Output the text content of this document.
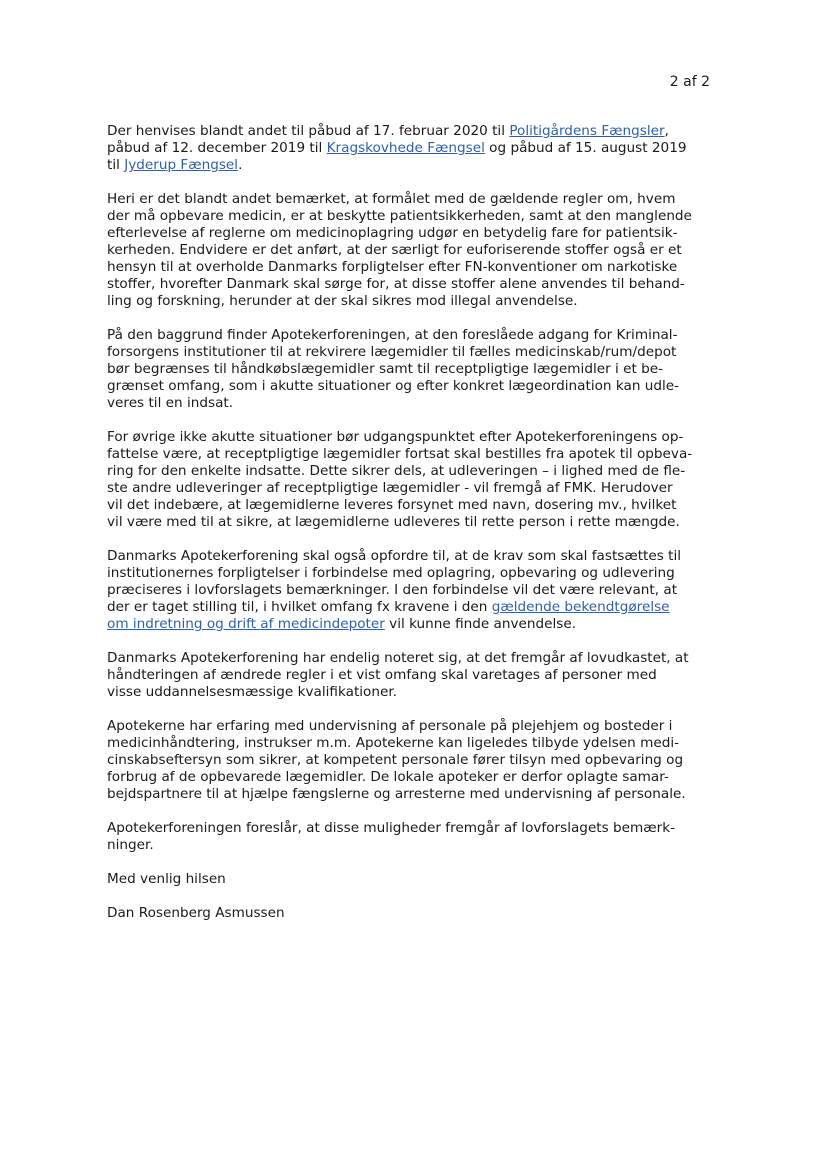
2 af 2

Der henvises blandt andet til påbud af 17. februar 2020 til Politigårdens Fængsler,
påbud af 12. december 2019 til Kragskovhede Fængsel og påbud af 15. august 2019
til Jyderup Fængsel.

Heri er det blandt andet bemærket, at formålet med de gældende regler om, hvem
der må opbevare medicin, er at beskytte patientsikkerheden, samt at den manglende
efterlevelse af reglerne om medicinoplagring udgør en betydelig fare for patientsik-
kerheden. Endvidere er det anført, at der særligt for euforiserende stoffer også er et
hensyn til at overholde Danmarks forpligtelser efter FN-konventioner om narkotiske
stoffer, hvorefter Danmark skal sørge for, at disse stoffer alene anvendes til behand-
ling og forskning, herunder at der skal sikres mod illegal anvendelse.

På den baggrund finder Apotekerforeningen, at den foreslåede adgang for Kriminal-
forsorgens institutioner til at rekvirere lægemidler til fælles medicinskab/rum/depot
bør begrænses til håndkøbslægemidler samt til receptpligtige lægemidler i et be-
grænset omfang, som i akutte situationer og efter konkret lægeordination kan udle-
veres til en indsat.

For øvrige ikke akutte situationer bør udgangspunktet efter Apotekerforeningens op-
fattelse være, at receptpligtige lægemidler fortsat skal bestilles fra apotek til opbeva-
ring for den enkelte indsatte. Dette sikrer dels, at udleveringen – i lighed med de fle-
ste andre udleveringer af receptpligtige lægemidler - vil fremgå af FMK. Herudover
vil det indebære, at lægemidlerne leveres forsynet med navn, dosering mv., hvilket
vil være med til at sikre, at lægemidlerne udleveres til rette person i rette mængde.

Danmarks Apotekerforening skal også opfordre til, at de krav som skal fastsættes til
institutionernes forpligtelser i forbindelse med oplagring, opbevaring og udlevering
præciseres i lovforslagets bemærkninger. I den forbindelse vil det være relevant, at
der er taget stilling til, i hvilket omfang fx kravene i den gældende bekendtgørelse
om indretning og drift af medicindepoter vil kunne finde anvendelse.

Danmarks Apotekerforening har endelig noteret sig, at det fremgår af lovudkastet, at
håndteringen af ændrede regler i et vist omfang skal varetages af personer med
visse uddannelsesmæssige kvalifikationer.

Apotekerne har erfaring med undervisning af personale på plejehjem og bosteder i
medicinhåndtering, instrukser m.m. Apotekerne kan ligeledes tilbyde ydelsen medi-
cinskabseftersyn som sikrer, at kompetent personale fører tilsyn med opbevaring og
forbrug af de opbevarede lægemidler. De lokale apoteker er derfor oplagte samar-
bejdspartnere til at hjælpe fængslerne og arresterne med undervisning af personale.

Apotekerforeningen foreslår, at disse muligheder fremgår af lovforslagets bemærk-
ninger.

Med venlig hilsen

Dan Rosenberg Asmussen
